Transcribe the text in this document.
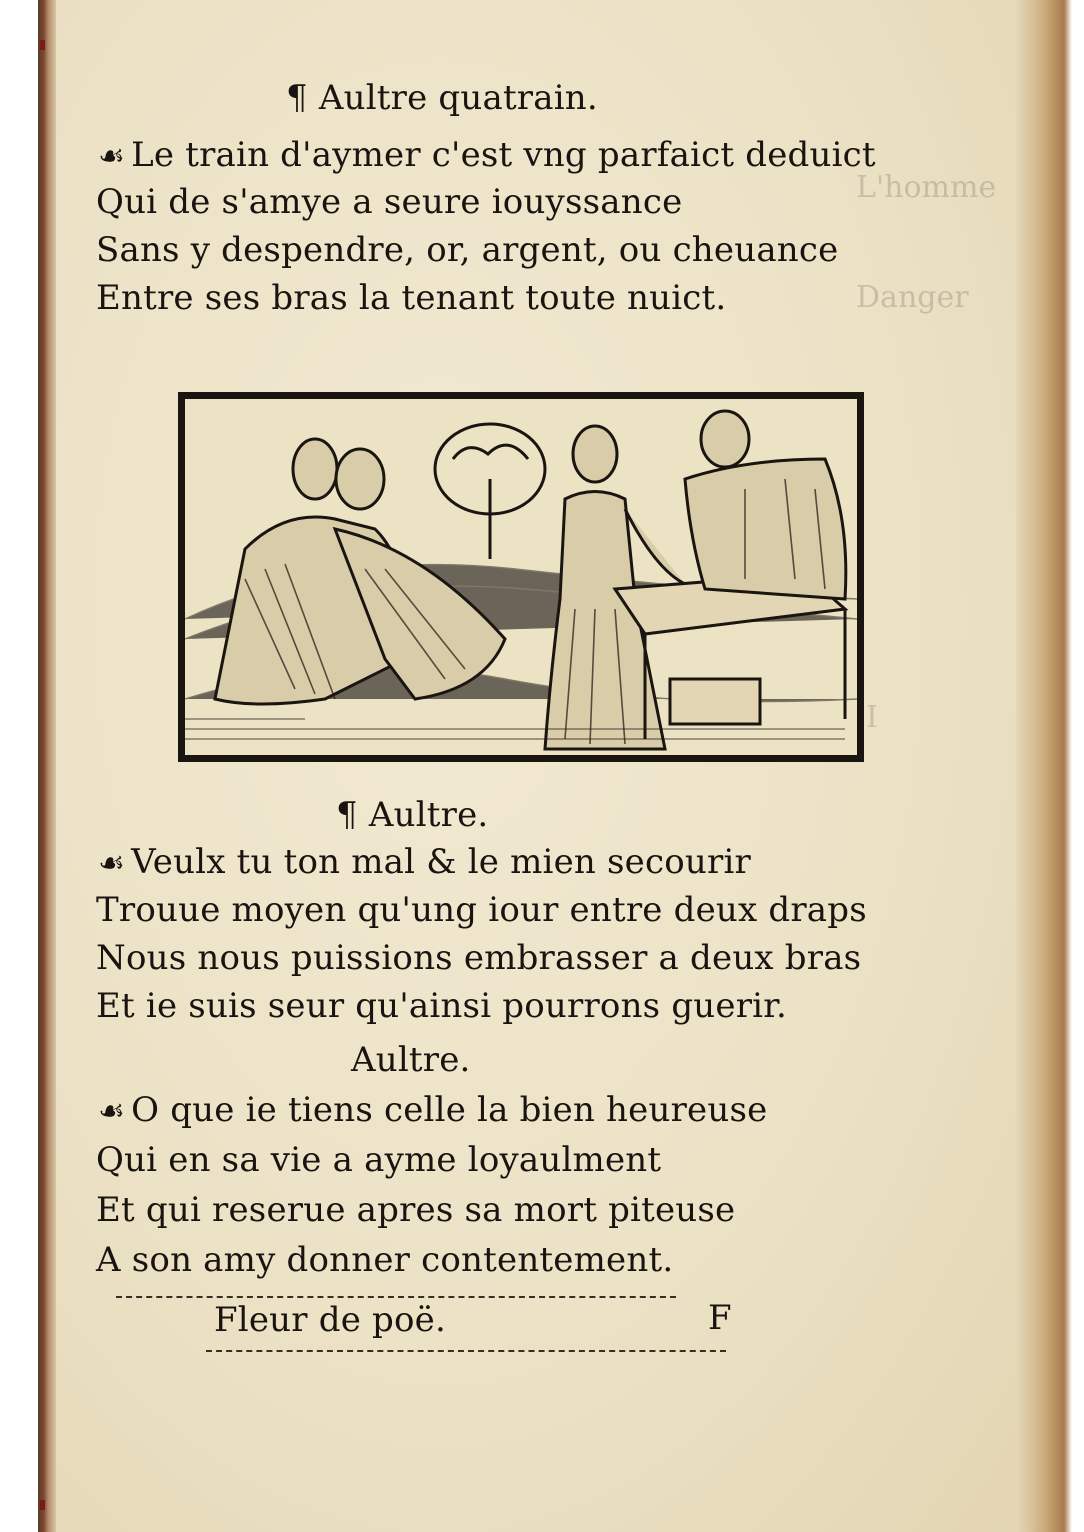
L'homme
Danger
I

¶ Aultre quatrain.

☙ Le train d'aymer c'est vng parfaict deduict

Qui de s'amye a seure iouyssance

Sans y despendre, or, argent, ou cheuance

Entre ses bras la tenant toute nuict.

¶ Aultre.

☙ Veulx tu ton mal & le mien secourir

Trouue moyen qu'ung iour entre deux draps

Nous nous puissions embrasser a deux bras

Et ie suis seur qu'ainsi pourrons guerir.

Aultre.

☙ O que ie tiens celle la bien heureuse

Qui en sa vie a ayme loyaulment

Et qui reserue apres sa mort piteuse

A son amy donner contentement.

Fleur de poë.	F
